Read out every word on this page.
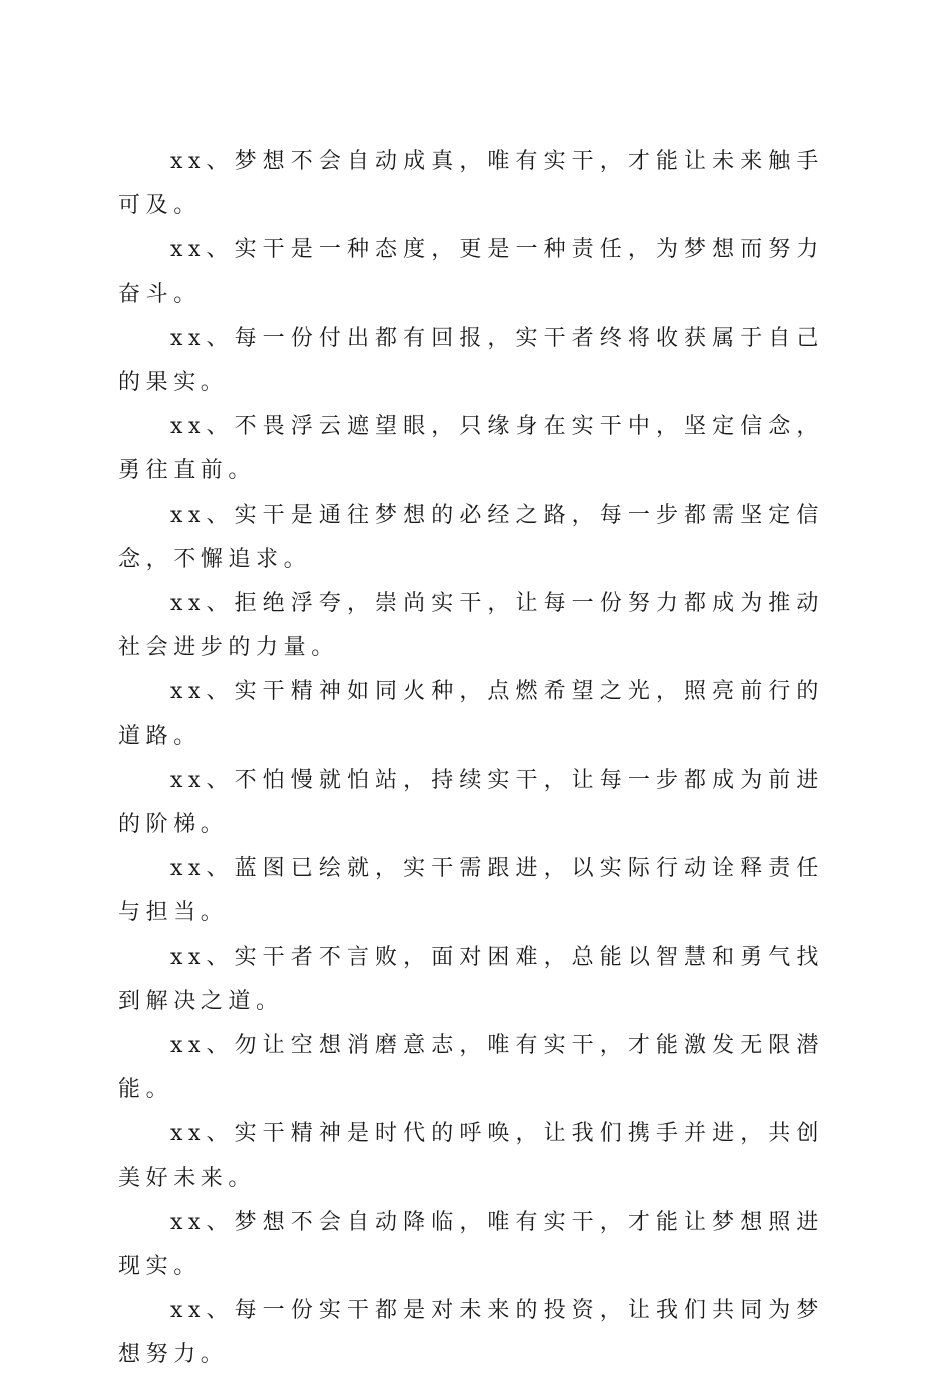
xx、梦想不会自动成真，唯有实干，才能让未来触手可及。

xx、实干是一种态度，更是一种责任，为梦想而努力奋斗。

xx、每一份付出都有回报，实干者终将收获属于自己的果实。

xx、不畏浮云遮望眼，只缘身在实干中，坚定信念，勇往直前。

xx、实干是通往梦想的必经之路，每一步都需坚定信念，不懈追求。

xx、拒绝浮夸，崇尚实干，让每一份努力都成为推动社会进步的力量。

xx、实干精神如同火种，点燃希望之光，照亮前行的道路。

xx、不怕慢就怕站，持续实干，让每一步都成为前进的阶梯。

xx、蓝图已绘就，实干需跟进，以实际行动诠释责任与担当。

xx、实干者不言败，面对困难，总能以智慧和勇气找到解决之道。

xx、勿让空想消磨意志，唯有实干，才能激发无限潜能。

xx、实干精神是时代的呼唤，让我们携手并进，共创美好未来。

xx、梦想不会自动降临，唯有实干，才能让梦想照进现实。

xx、每一份实干都是对未来的投资，让我们共同为梦想努力。
